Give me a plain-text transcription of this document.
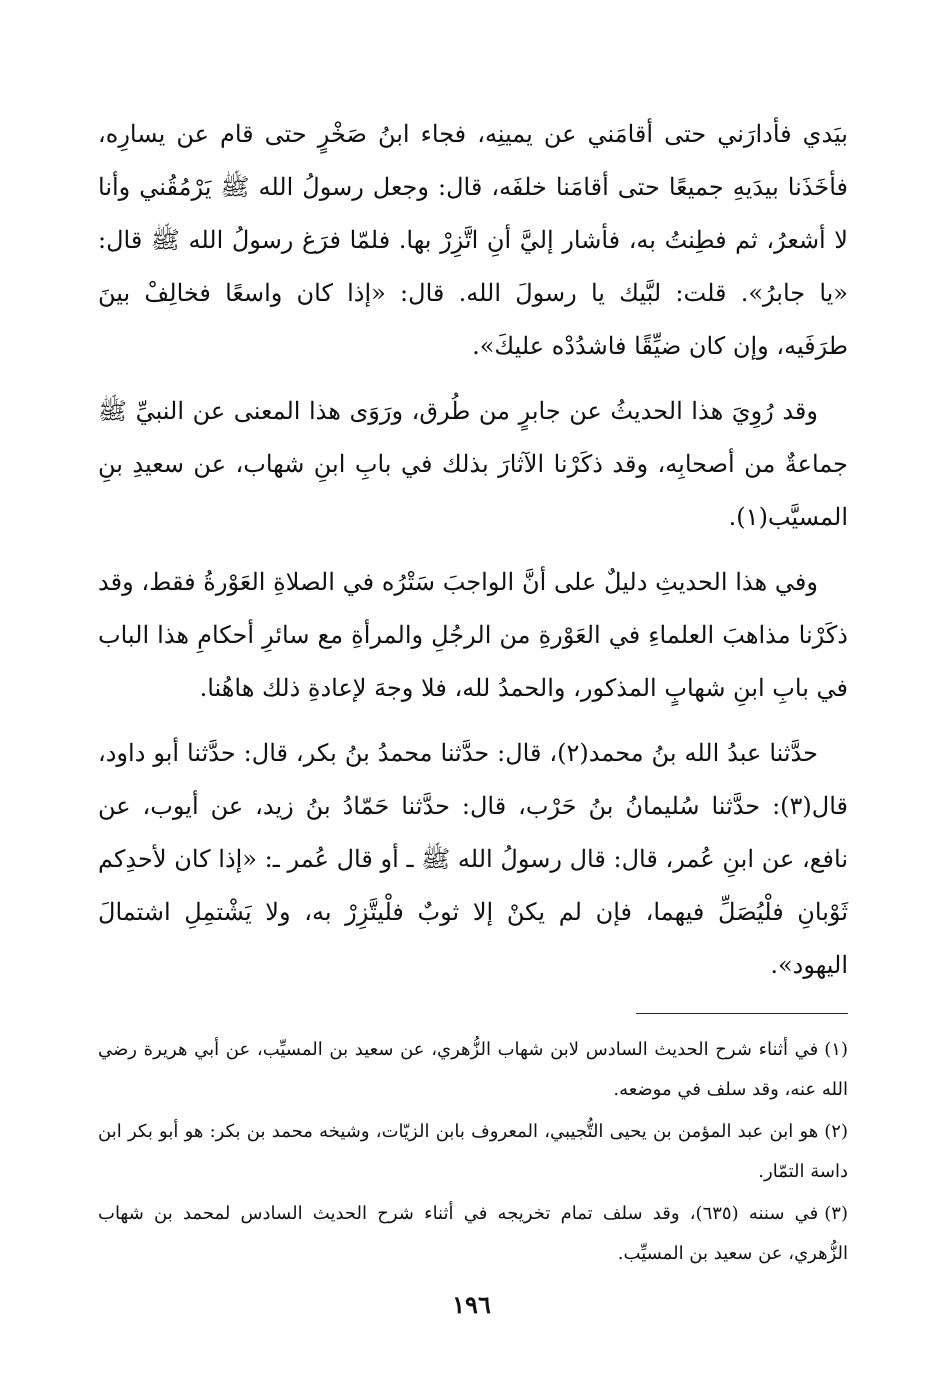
بيَدي فأدارَني حتى أقامَني عن يمينِه، فجاء ابنُ صَخْرٍ حتى قام عن يسارِه، فأخَذَنا بيدَيهِ جميعًا حتى أقامَنا خلفَه، قال: وجعل رسولُ الله ﷺ يَرْمُقُني وأنا لا أشعرُ، ثم فطِنتُ به، فأشار إليَّ أنِ اتَّزِرْ بها. فلمّا فرَغ رسولُ الله ﷺ قال: «يا جابرُ». قلت: لبَّيك يا رسولَ الله. قال: «إذا كان واسعًا فخالِفْ بينَ طرَفَيه، وإن كان ضيِّقًا فاشدُدْه عليكَ».

وقد رُوِيَ هذا الحديثُ عن جابرٍ من طُرق، ورَوَى هذا المعنى عن النبيِّ ﷺ جماعةٌ من أصحابِه، وقد ذكَرْنا الآثارَ بذلك في بابِ ابنِ شهاب، عن سعيدِ بنِ المسيَّب(١).

وفي هذا الحديثِ دليلٌ على أنَّ الواجبَ سَتْرُه في الصلاةِ العَوْرةُ فقط، وقد ذكَرْنا مذاهبَ العلماءِ في العَوْرةِ من الرجُلِ والمرأةِ مع سائرِ أحكامِ هذا الباب في بابِ ابنِ شهابٍ المذكور، والحمدُ لله، فلا وجهَ لإعادةِ ذلك هاهُنا.

حدَّثنا عبدُ الله بنُ محمد(٢)، قال: حدَّثنا محمدُ بنُ بكر، قال: حدَّثنا أبو داود، قال(٣): حدَّثنا سُليمانُ بنُ حَرْب، قال: حدَّثنا حَمّادُ بنُ زيد، عن أيوب، عن نافع، عن ابنِ عُمر، قال: قال رسولُ الله ﷺ ـ أو قال عُمر ـ: «إذا كان لأحدِكم ثَوْبانِ فلْيُصَلِّ فيهما، فإن لم يكنْ إلا ثوبٌ فلْيتَّزِرْ به، ولا يَشْتمِلِ اشتمالَ اليهود».

(١)في أثناء شرح الحديث السادس لابن شهاب الزُّهري، عن سعيد بن المسيِّب، عن أبي هريرة رضي الله عنه، وقد سلف في موضعه.

(٢)هو ابن عبد المؤمن بن يحيى التُّجيبي، المعروف بابن الزيّات، وشيخه محمد بن بكر: هو أبو بكر ابن داسة التمّار.

(٣)في سننه (٦٣٥)، وقد سلف تمام تخريجه في أثناء شرح الحديث السادس لمحمد بن شهاب الزُّهري، عن سعيد بن المسيِّب.

١٩٦
